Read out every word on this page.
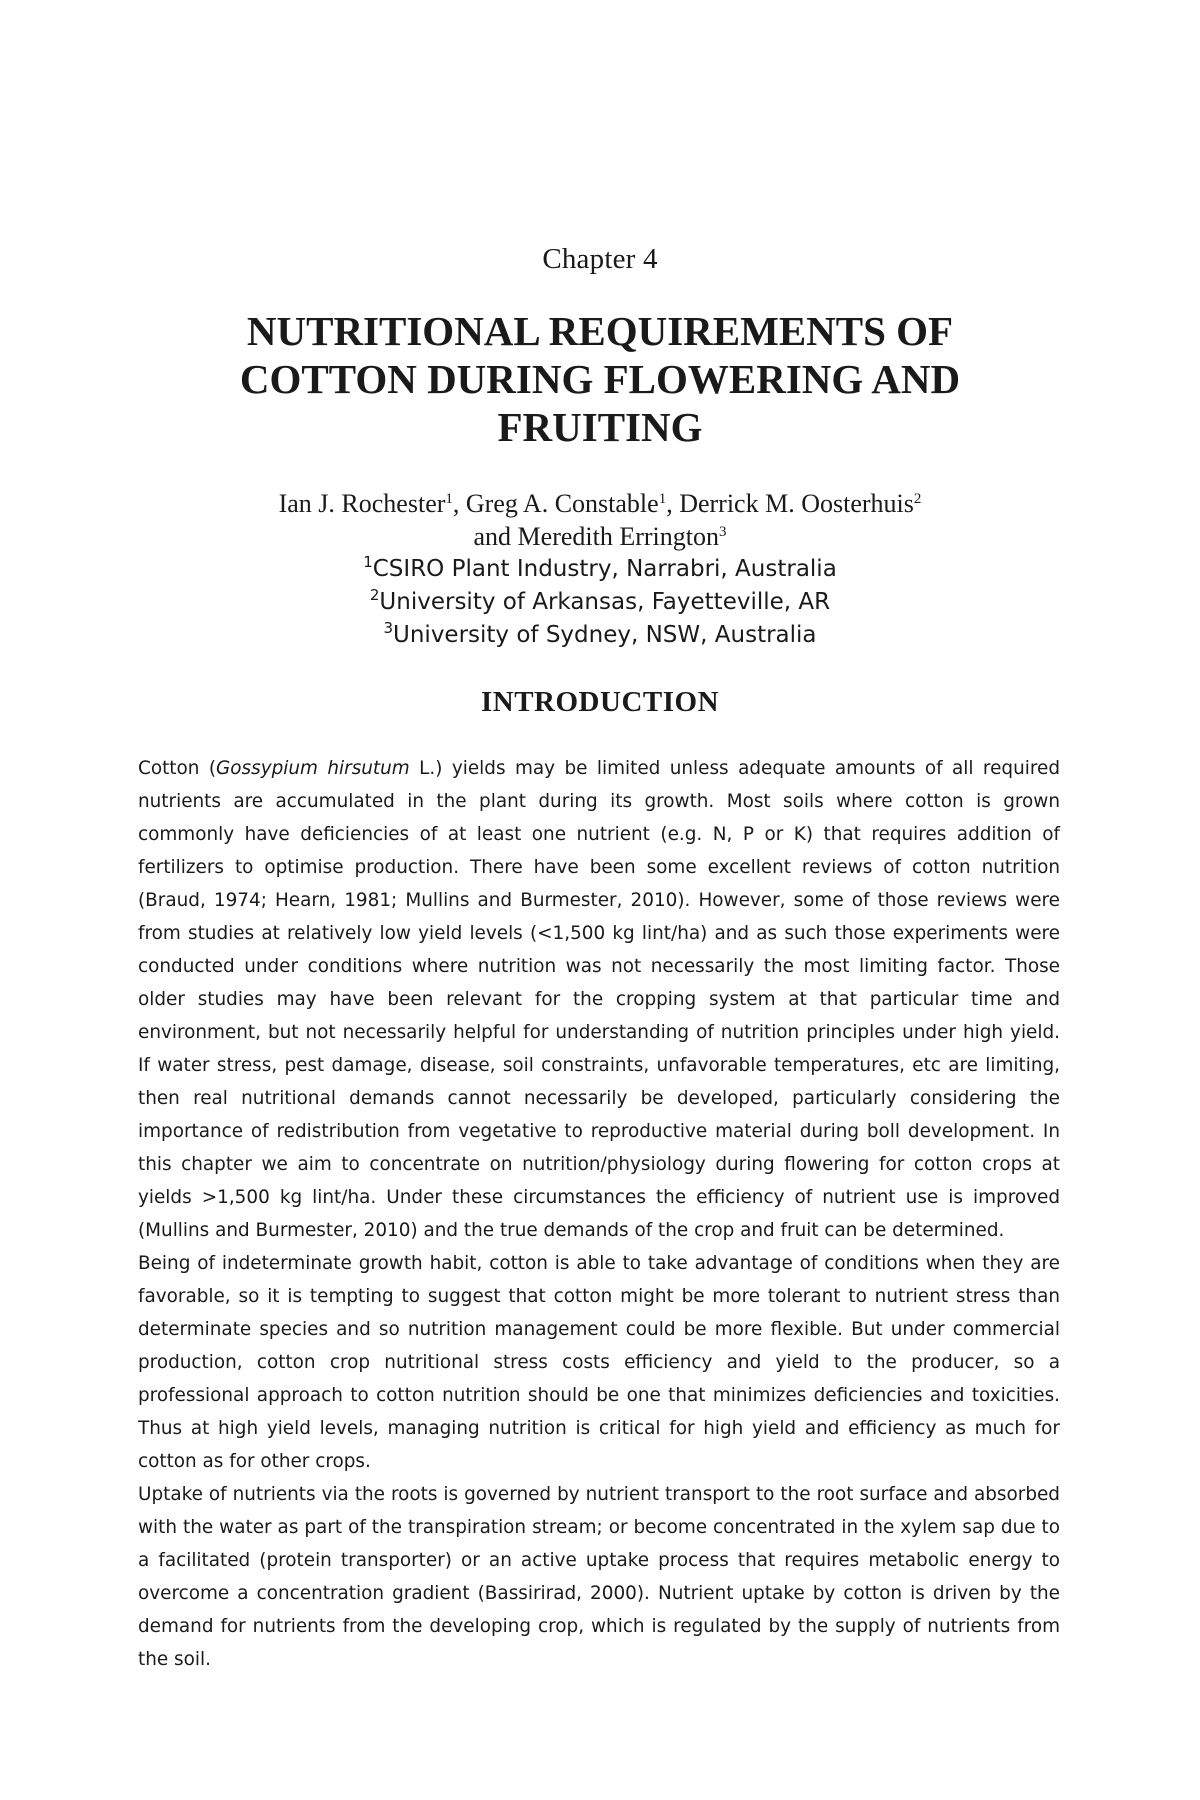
Chapter 4
NUTRITIONAL REQUIREMENTS OF
COTTON DURING FLOWERING AND
FRUITING
Ian J. Rochester$^1$, Greg A. Constable$^1$, Derrick M. Oosterhuis$^2$
and Meredith Errington$^3$
$^1$CSIRO Plant Industry, Narrabri, Australia
$^2$University of Arkansas, Fayetteville, AR
$^3$University of Sydney, NSW, Australia
INTRODUCTION

Cotton (Gossypium hirsutum L.) yields may be limited unless adequate amounts of all required nutrients are accumulated in the plant during its growth. Most soils where cotton is grown commonly have deficiencies of at least one nutrient (e.g. N, P or K) that requires addition of fertilizers to optimise production. There have been some excellent reviews of cotton nutrition (Braud, 1974; Hearn, 1981; Mullins and Burmester, 2010). However, some of those reviews were from studies at relatively low yield levels (<1,500 kg lint/ha) and as such those experiments were conducted under conditions where nutrition was not necessarily the most limiting factor. Those older studies may have been relevant for the cropping system at that particular time and environment, but not necessarily helpful for understanding of nutrition principles under high yield. If water stress, pest damage, disease, soil constraints, unfavorable temperatures, etc are limiting, then real nutritional demands cannot necessarily be developed, particularly considering the importance of redistribution from vegetative to reproductive material during boll development. In this chapter we aim to concentrate on nutrition/physiology during flowering for cotton crops at yields >1,500 kg lint/ha. Under these circumstances the efficiency of nutrient use is improved (Mullins and Burmester, 2010) and the true demands of the crop and fruit can be determined.

Being of indeterminate growth habit, cotton is able to take advantage of conditions when they are favorable, so it is tempting to suggest that cotton might be more tolerant to nutrient stress than determinate species and so nutrition management could be more flexible. But under commercial production, cotton crop nutritional stress costs efficiency and yield to the producer, so a professional approach to cotton nutrition should be one that minimizes deficiencies and toxicities. Thus at high yield levels, managing nutrition is critical for high yield and efficiency as much for cotton as for other crops.

Uptake of nutrients via the roots is governed by nutrient transport to the root surface and absorbed with the water as part of the transpiration stream; or become concentrated in the xylem sap due to a facilitated (protein transporter) or an active uptake process that requires metabolic energy to overcome a concentration gradient (Bassirirad, 2000). Nutrient uptake by cotton is driven by the demand for nutrients from the developing crop, which is regulated by the supply of nutrients from the soil.
